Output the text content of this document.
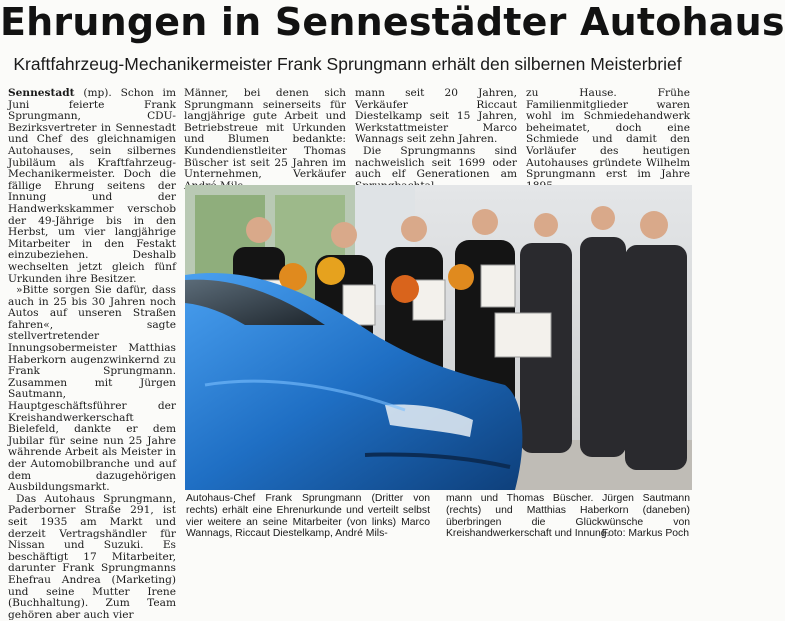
Ehrungen in Sennestädter Autohaus
Kraftfahrzeug-Mechanikermeister Frank Sprungmann erhält den silbernen Meisterbrief

Sennestadt (mp). Schon im Juni feierte Frank Sprungmann, CDU-Bezirksvertreter in Sennestadt und Chef des gleichnamigen Autohauses, sein silbernes Jubiläum als Kraftfahrzeug-Mechanikermeister. Doch die fällige Ehrung seitens der Innung und der Handwerkskammer verschob der 49-Jährige bis in den Herbst, um vier langjährige Mitarbeiter in den Festakt einzubeziehen. Deshalb wechselten jetzt gleich fünf Urkunden ihre Besitzer.

»Bitte sorgen Sie dafür, dass auch in 25 bis 30 Jahren noch Autos auf unseren Straßen fahren«, sagte stellvertretender Innungsobermeister Matthias Haberkorn augenzwinkernd zu Frank Sprungmann. Zusammen mit Jürgen Sautmann, Hauptgeschäftsführer der Kreishandwerkerschaft Bielefeld, dankte er dem Jubilar für seine nun 25 Jahre währende Arbeit als Meister in der Automobilbranche und auf dem dazugehörigen Ausbildungsmarkt.

Das Autohaus Sprungmann, Paderborner Straße 291, ist seit 1935 am Markt und derzeit Vertragshändler für Nissan und Suzuki. Es beschäftigt 17 Mitarbeiter, darunter Frank Sprungmanns Ehefrau Andrea (Marketing) und seine Mutter Irene (Buchhaltung). Zum Team gehören aber auch vier

Männer, bei denen sich Sprungmann seinerseits für langjährige gute Arbeit und Betriebstreue mit Urkunden und Blumen bedankte: Kundendienstleiter Thomas Büscher ist seit 25 Jahren im Unternehmen, Verkäufer

mann seit 20 Jahren, Verkäufer Riccaut Diestelkamp seit 15 Jahren, Werkstattmeister Marco Wannags seit zehn Jahren.

Die Sprungmanns sind nachweislich seit 1699 oder auch elf Generationen am

zu Hause. Frühe Familienmitglieder waren wohl im Schmiedehandwerk beheimatet, doch eine Schmiede und damit den Vorläufer des heutigen Autohauses gründete Wilhelm Sprungmann erst im Jahre

Autohaus-Chef Frank Sprungmann (Dritter von rechts) erhält eine Ehrenurkunde und verteilt selbst vier weitere an seine Mitarbeiter (von links) Marco Wannags, Riccaut Diestelkamp, André Mils-
mann und Thomas Büscher. Jürgen Sautmann (rechts) und Matthias Haberkorn (daneben) überbringen die Glückwünsche von Kreishandwerkerschaft und Innung.
Foto: Markus Poch
